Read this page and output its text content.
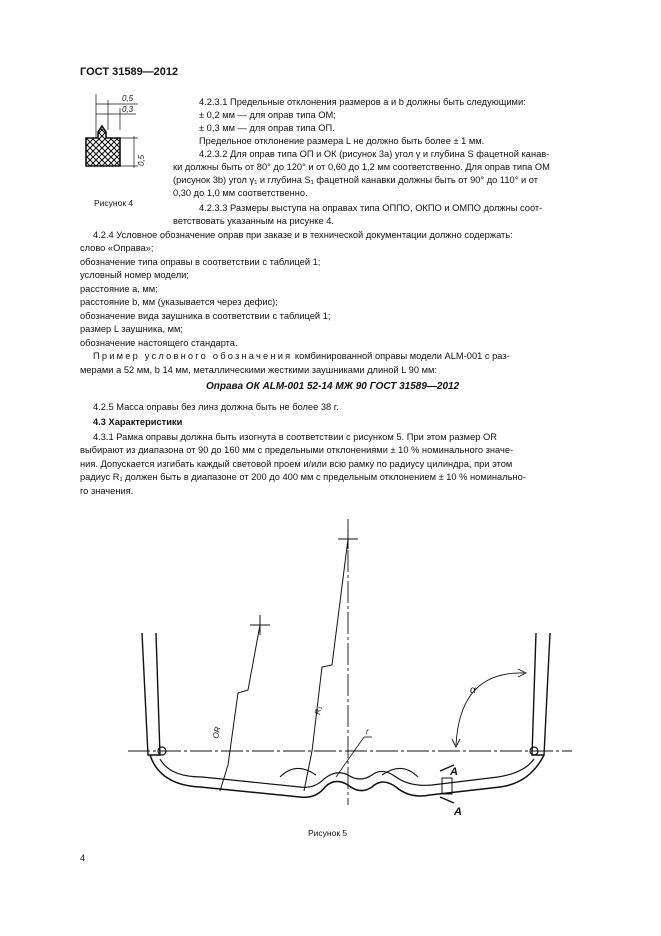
ГОСТ 31589—2012
0,5
0,3
0,5
Рисунок 4
4.2.3.1 Предельные отклонения размеров a и b должны быть следующими:
± 0,2 мм — для оправ типа ОМ;
± 0,3 мм — для оправ типа ОП.
Предельное отклонение размера L не должно быть более ± 1 мм.
4.2.3.2 Для оправ типа ОП и ОК (рисунок 3а) угол γ и глубина S фацетной канав-
ки должны быть от 80° до 120° и от 0,60 до 1,2 мм соответственно. Для оправ типа ОМ
(рисунок 3b) угол γ₁ и глубина S₁ фацетной канавки должны быть от 90° до 110° и от
0,30 до 1,0 мм соответственно.
4.2.3.3 Размеры выступа на оправах типа ОППО, ОКПО и ОМПО должны соот-
ветствовать указанным на рисунке 4.
4.2.4 Условное обозначение оправ при заказе и в технической документации должно содержать:
слово «Оправа»;
обозначение типа оправы в соответствии с таблицей 1;
условный номер модели;
расстояние a, мм;
расстояние b, мм (указывается через дефис);
обозначение вида заушника в соответствии с таблицей 1;
размер L заушника, мм;
обозначение настоящего стандарта.
Пример условного обозначения комбинированной оправы модели ALM-001 с раз-
мерами a 52 мм, b 14 мм, металлическими жесткими заушниками длиной L 90 мм:
Оправа ОК ALM-001 52-14 МЖ 90 ГОСТ 31589—2012
4.2.5 Масса оправы без линз должна быть не более 38 г.
4.3 Характеристики
4.3.1 Рамка оправы должна быть изогнута в соответствии с рисунком 5. При этом размер OR
выбирают из диапазона от 90 до 160 мм с предельными отклонениями ± 10 % номинального значе-
ния. Допускается изгибать каждый световой проем и/или всю рамку по радиусу цилиндра, при этом
радиус R₁ должен быть в диапазоне от 200 до 400 мм с предельным отклонением ± 10 % номинально-
го значения.
OR
R₁
r
α
A
A
Рисунок 5
4
